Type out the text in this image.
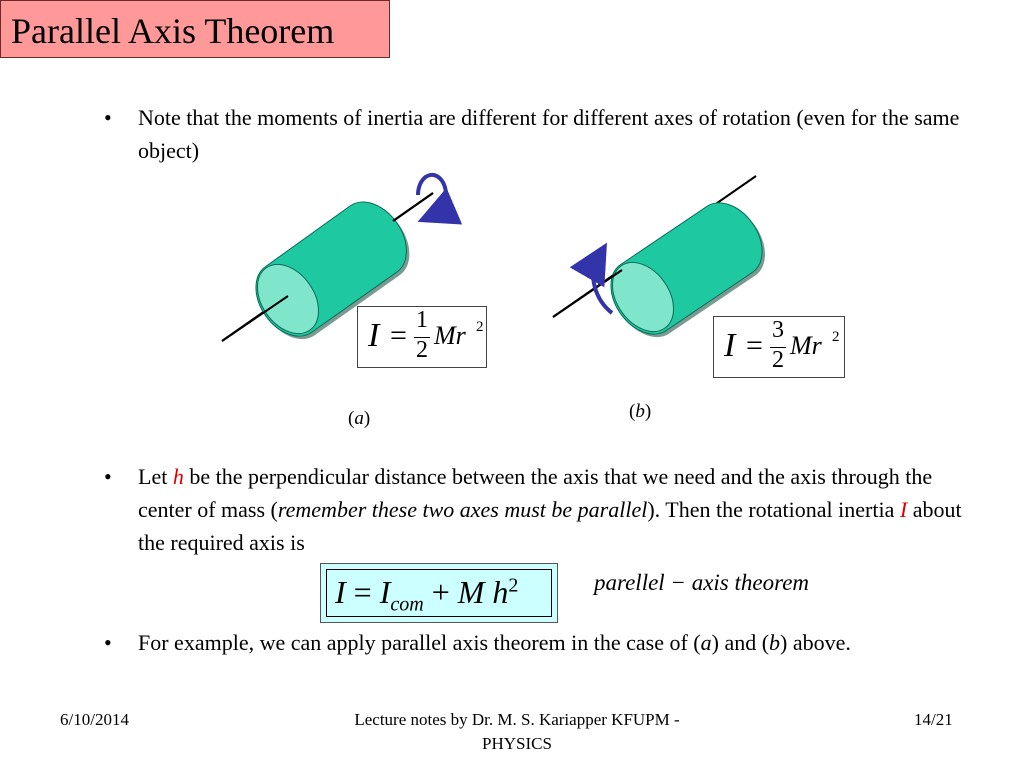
Parallel Axis Theorem
• Note that the moments of inertia are different for different axes of rotation (even for the same object)
I = 1
2 Mr 2	I = 3
2 Mr 2
(a)	(b)
• Let h be the perpendicular distance between the axis that we need and the axis through the center of mass (remember these two axes must be parallel). Then the rotational inertia I about the required axis is
$I = I_{com} + M$ $h^2$	parellel − axis theorem
• For example, we can apply parallel axis theorem in the case of (a) and (b) above.
6/10/2014	Lecture notes by Dr. M. S. Kariapper KFUPM - PHYSICS
14/21
